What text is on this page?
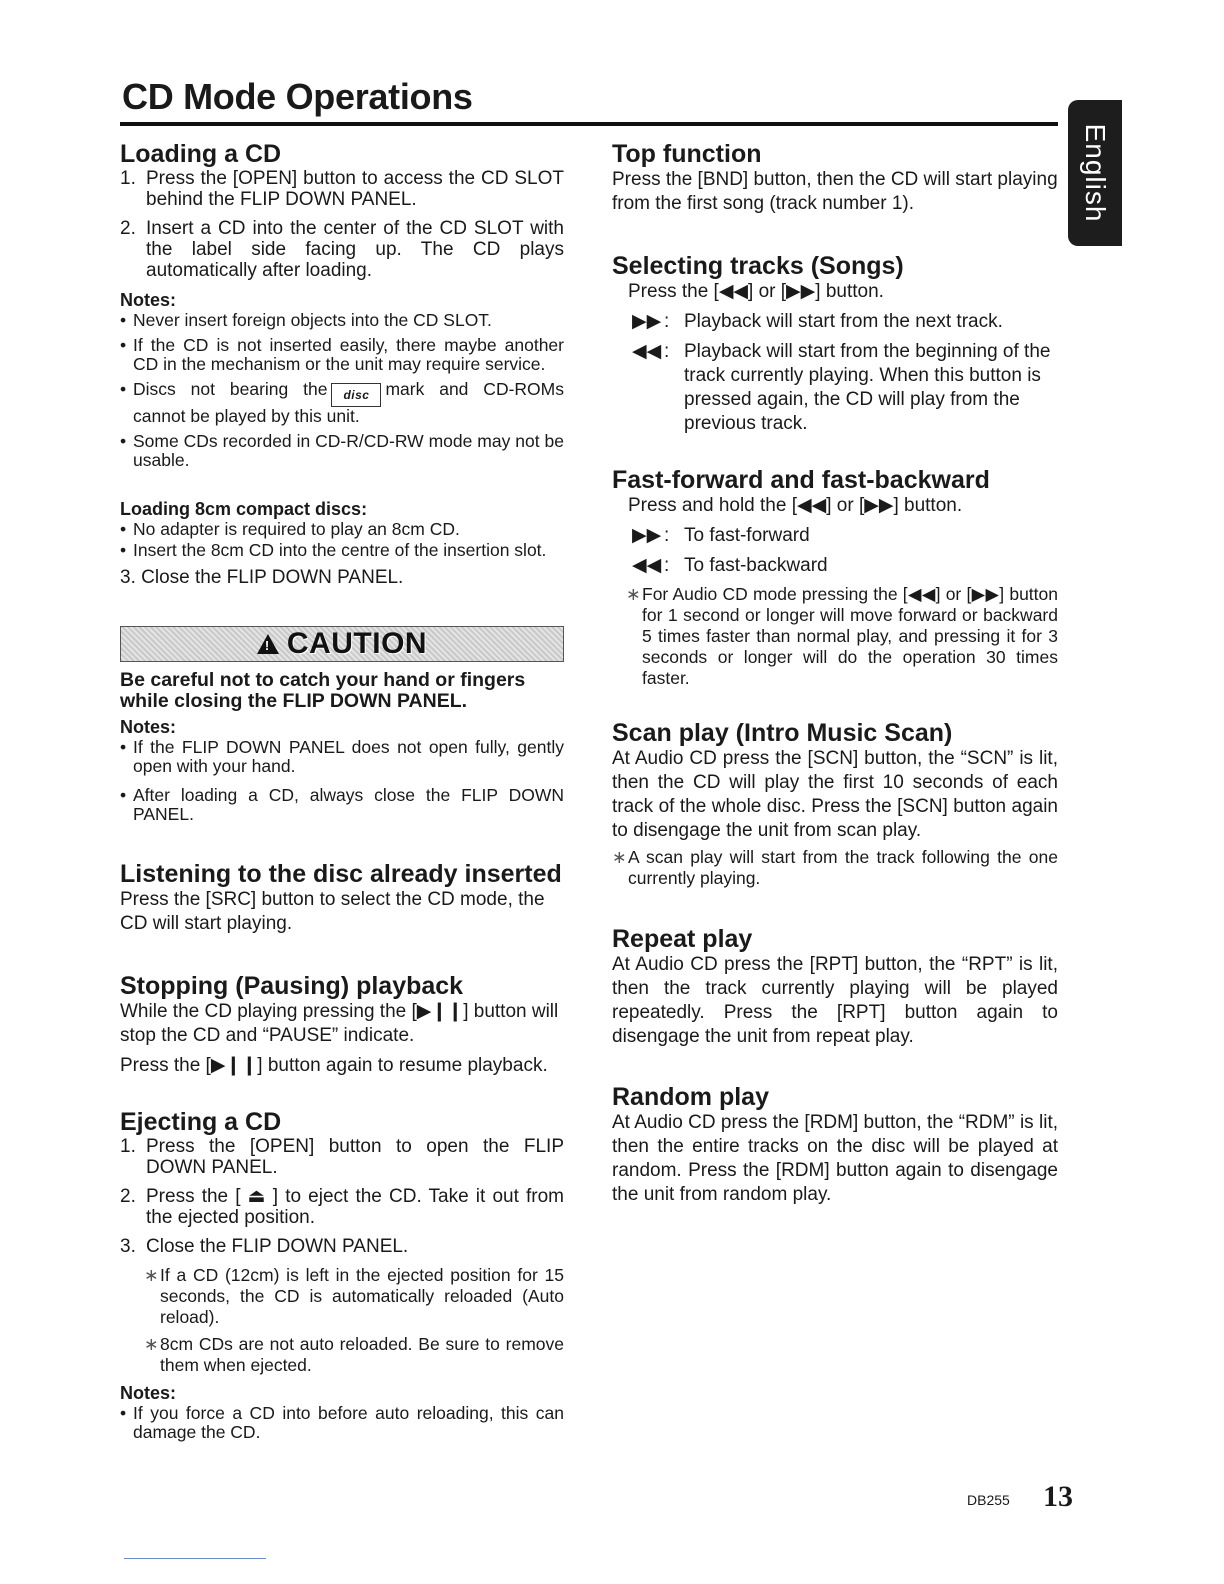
CD Mode Operations
English
Loading a CD
1. Press the [OPEN] button to access the CD SLOT behind the FLIP DOWN PANEL.
2. Insert a CD into the center of the CD SLOT with the label side facing up. The CD plays automatically after loading.

Notes:

• Never insert foreign objects into the CD SLOT.
• If the CD is not inserted easily, there maybe another CD in the mechanism or the unit may require service.
• Discs not bearing the disc mark and CD-ROMs cannot be played by this unit.
• Some CDs recorded in CD-R/CD-RW mode may not be usable.

Loading 8cm compact discs:

• No adapter is required to play an 8cm CD.
• Insert the 8cm CD into the centre of the insertion slot.

3. Close the FLIP DOWN PANEL.

!
CAUTION

Be careful not to catch your hand or fingers while closing the FLIP DOWN PANEL.

Notes:

• If the FLIP DOWN PANEL does not open fully, gently open with your hand.
• After loading a CD, always close the FLIP DOWN PANEL.
Listening to the disc already inserted

Press the [SRC] button to select the CD mode, the CD will start playing.

Stopping (Pausing) playback

While the CD playing pressing the [▶❙❙] button will stop the CD and “PAUSE” indicate.

Press the [▶❙❙] button again to resume playback.

Ejecting a CD
1. Press the [OPEN] button to open the FLIP DOWN PANEL.
2. Press the [ ⏏ ] to eject the CD. Take it out from the ejected position.
3. Close the FLIP DOWN PANEL.
∗ If a CD (12cm) is left in the ejected position for 15 seconds, the CD is automatically reloaded (Auto reload).
∗ 8cm CDs are not auto reloaded. Be sure to remove them when ejected.

Notes:

• If you force a CD into before auto reloading, this can damage the CD.
Top function

Press the [BND] button, then the CD will start playing from the first song (track number 1).

Selecting tracks (Songs)

Press the [◀◀] or [▶▶] button.

▶▶ : Playback will start from the next track.
◀◀ : Playback will start from the beginning of the track currently playing. When this button is pressed again, the CD will play from the previous track.
Fast-forward and fast-backward

Press and hold the [◀◀] or [▶▶] button.

▶▶ : To fast-forward
◀◀ : To fast-backward
∗ For Audio CD mode pressing the [◀◀] or [▶▶] button for 1 second or longer will move forward or backward 5 times faster than normal play, and pressing it for 3 seconds or longer will do the operation 30 times faster.
Scan play (Intro Music Scan)

At Audio CD press the [SCN] button, the “SCN” is lit, then the CD will play the first 10 seconds of each track of the whole disc. Press the [SCN] button again to disengage the unit from scan play.

∗ A scan play will start from the track following the one currently playing.
Repeat play

At Audio CD press the [RPT] button, the “RPT” is lit, then the track currently playing will be played repeatedly. Press the [RPT] button again to disengage the unit from repeat play.

Random play

At Audio CD press the [RDM] button, the “RDM” is lit, then the entire tracks on the disc will be played at random. Press the [RDM] button again to disengage the unit from random play.

DB255 13
